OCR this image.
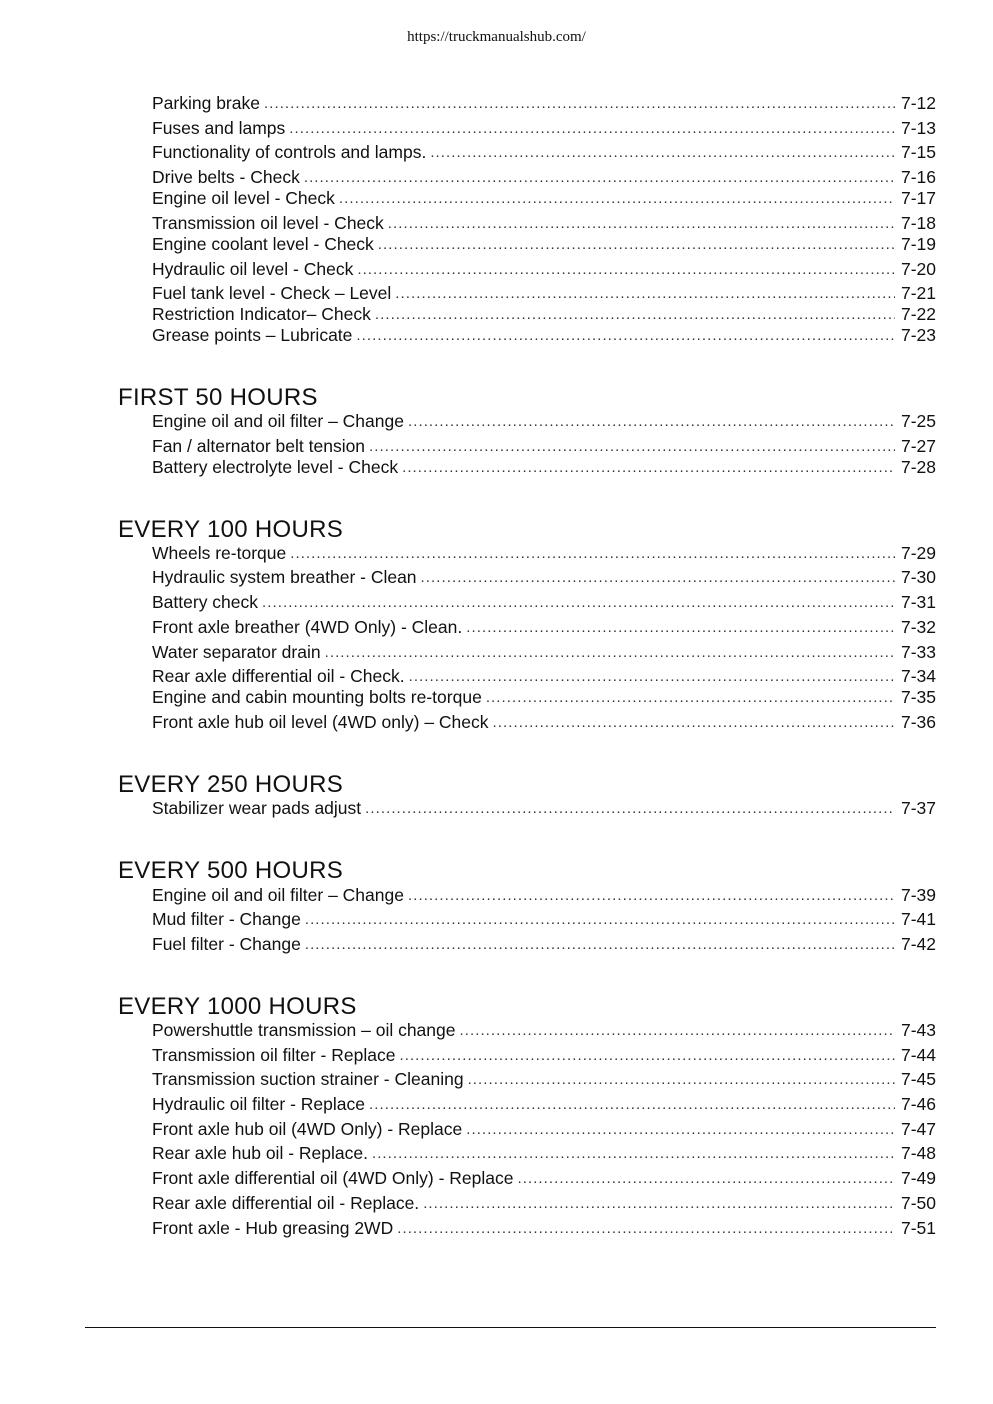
https://truckmanualshub.com/
Parking brake . . .	7-12
Fuses and lamps . . .	7-13
Functionality of controls and lamps. . . .	7-15
Drive belts - Check . . .	7-16
Engine oil level - Check . . .	7-17
Transmission oil level - Check . . .	7-18
Engine coolant level - Check . . .	7-19
Hydraulic oil level - Check . . .	7-20
Fuel tank level - Check – Level . . .	7-21
Restriction Indicator– Check . . .	7-22
Grease points – Lubricate . . .	7-23
FIRST 50 HOURS
Engine oil and oil filter – Change . . .	7-25
Fan / alternator belt tension . . .	7-27
Battery electrolyte level - Check . . .	7-28
EVERY 100 HOURS
Wheels re-torque . . .	7-29
Hydraulic system breather - Clean . . .	7-30
Battery check . . .	7-31
Front axle breather (4WD Only) - Clean. . . .	7-32
Water separator drain . . .	7-33
Rear axle differential oil - Check. . . .	7-34
Engine and cabin mounting bolts re-torque . . .	7-35
Front axle hub oil level (4WD only) – Check . . .	7-36
EVERY 250 HOURS
Stabilizer wear pads adjust . . .	7-37
EVERY 500 HOURS
Engine oil and oil filter – Change . . .	7-39
Mud filter - Change . . .	7-41
Fuel filter - Change . . .	7-42
EVERY 1000 HOURS
Powershuttle transmission – oil change . . .	7-43
Transmission oil filter - Replace . . .	7-44
Transmission suction strainer - Cleaning . . .	7-45
Hydraulic oil filter - Replace . . .	7-46
Front axle hub oil (4WD Only) - Replace . . .	7-47
Rear axle hub oil - Replace. . . .	7-48
Front axle differential oil (4WD Only) - Replace . . .	7-49
Rear axle differential oil - Replace. . . .	7-50
Front axle - Hub greasing 2WD . . .	7-51
